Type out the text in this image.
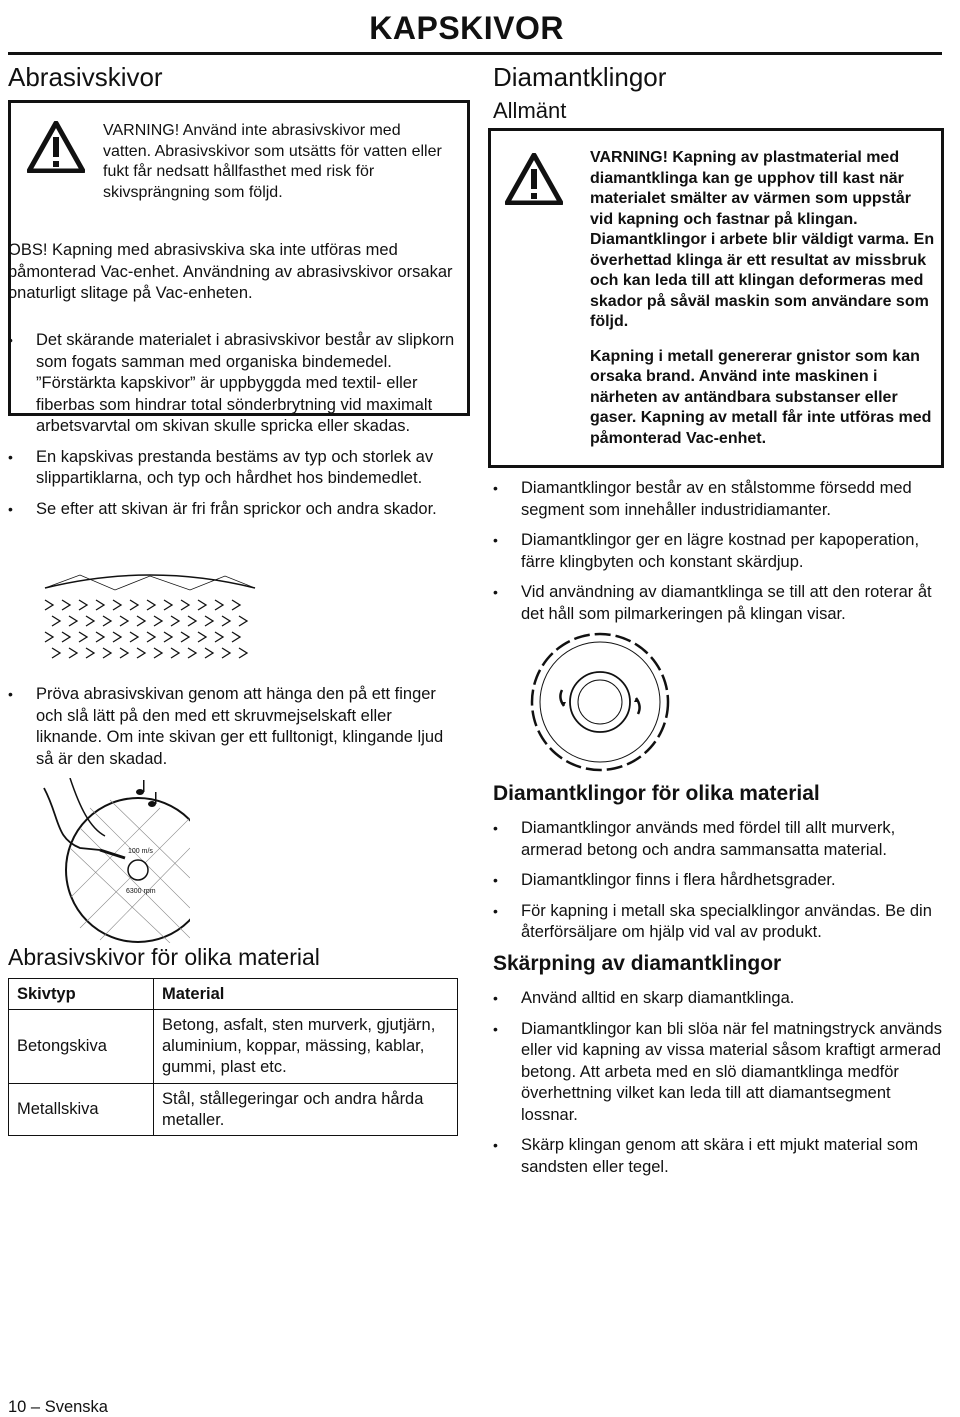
KAPSKIVOR
Abrasivskivor
VARNING! Använd inte abrasivskivor med vatten. Abrasivskivor som utsätts för vatten eller fukt får nedsatt hållfasthet med risk för skivsprängning som följd.
OBS! Kapning med abrasivskiva ska inte utföras med påmonterad Vac-enhet. Användning av abrasivskivor orsakar onaturligt slitage på Vac-enheten.
• Det skärande materialet i abrasivskivor består av slipkorn som fogats samman med organiska bindemedel. ”Förstärkta kapskivor” är uppbyggda med textil- eller fiberbas som hindrar total sönderbrytning vid maximalt arbetsvarvtal om skivan skulle spricka eller skadas.
• En kapskivas prestanda bestäms av typ och storlek av slippartiklarna, och typ och hårdhet hos bindemedlet.
• Se efter att skivan är fri från sprickor och andra skador.
• Pröva abrasivskivan genom att hänga den på ett finger och slå lätt på den med ett skruvmejselskaft eller liknande. Om inte skivan ger ett fulltonigt, klingande ljud så är den skadad.
100 m/s
6300 rpm
Abrasivskivor för olika material
Skivtyp	Material
Betongskiva	Betong, asfalt, sten murverk, gjutjärn, aluminium, koppar, mässing, kablar, gummi, plast etc.
Metallskiva	Stål, stållegeringar och andra hårda metaller.
Diamantklingor
Allmänt

VARNING! Kapning av plastmaterial med diamantklinga kan ge upphov till kast när materialet smälter av värmen som uppstår vid kapning och fastnar på klingan. Diamantklingor i arbete blir väldigt varma. En överhettad klinga är ett resultat av missbruk och kan leda till att klingan deformeras med skador på såväl maskin som användare som följd.

Kapning i metall genererar gnistor som kan orsaka brand. Använd inte maskinen i närheten av antändbara substanser eller gaser. Kapning av metall får inte utföras med påmonterad Vac-enhet.

• Diamantklingor består av en stålstomme försedd med segment som innehåller industridiamanter.
• Diamantklingor ger en lägre kostnad per kapoperation, färre klingbyten och konstant skärdjup.
• Vid användning av diamantklinga se till att den roterar åt det håll som pilmarkeringen på klingan visar.
Diamantklingor för olika material
• Diamantklingor används med fördel till allt murverk, armerad betong och andra sammansatta material.
• Diamantklingor finns i flera hårdhetsgrader.
• För kapning i metall ska specialklingor användas. Be din återförsäljare om hjälp vid val av produkt.
Skärpning av diamantklingor
• Använd alltid en skarp diamantklinga.
• Diamantklingor kan bli slöa när fel matningstryck används eller vid kapning av vissa material såsom kraftigt armerad betong. Att arbeta med en slö diamantklinga medför överhettning vilket kan leda till att diamantsegment lossnar.
• Skärp klingan genom att skära i ett mjukt material som sandsten eller tegel.
10 – Svenska
